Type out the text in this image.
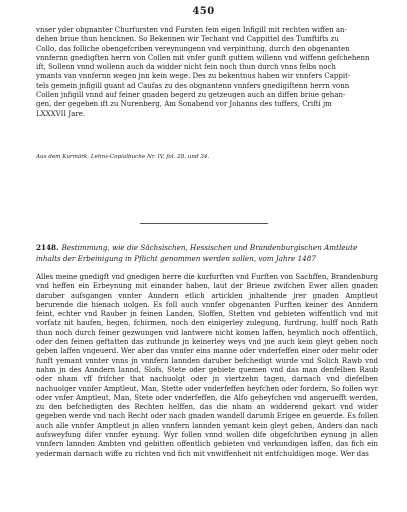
450

vnser yder obgnanter Churfursten vnd Fursten fein eigen Infigill mit rechten wiffen an-
dehen briue thun hencknen. So Bekennen wir Techant vnd Cappittel des Tumftifts zu
Collo, das folliche obengefcriben vereynungenn vnd verpinttung, durch den obgenanten
vnnfernn gnedigften herrn von Collen mit vnfer gunft guttem willenn vnd wiffenn gefchehenn
ift, Sollenn vnnd wollenn auch da widder nicht fein noch thun durch vnns felbs noch
ymants van vnnfernn wegen jnn kein wege. Des zu bekentnus haben wir vnnfers Cappit-
tels gemein jnfigill guant ad Caufas zu des obgnantenn vnnfers gnedigiftenn herrn vonn
Collen jnfigill vnnd auf feiner gnaden begerd zu getzeugen auch an diffen briue gehan-
gen, der gegeben ift zu Nurenberg, Am Sonabend vor Johanns des tuffers, Crifti jm
LXXXVII Jare.

Aus dem Kurmärk. Lehns-Copialbuche Nr. IV, fol. 28. und 34.

2148. Bestimmung, wie die Sächsischen, Hessischen und Brandenburgischen Amtleute inhalts der Erbeinigung in Pflicht genommen werden sollen, vom Jahre 1487

Alles meine gnedigft vnd gnedigen herre die kurfurften vnd Furften von Sachffen, Brandenburg vnd heffen ein Erbeynung mit einander haben, laut der Brieue zwifchen Ewer allen gnaden daruber aufsgangen vnnter Anndern etlich articklen jnhaltende jrer gnaden Amptleut berurende die hienach uolgen. Es foll auch vnnfer obgenanten Furften keiner des Anndern feint, echter vnd Rauber jn feinen Landen, Sloffen, Stetten vnd gebieten wiffentlich vnd mit vorfatz nit haufen, hegen, fchirmen, noch den einigerley zulegung, furdrung, hulff noch Rath thun noch durch feiner gezwungen vnd lantwere nicht komen laffen, heymlich noch offentlich, oder den feinen geftatten das zuthunde jn keinerley weys vnd jne auch kein gleyt geben noch geben laffen vngeuerd. Wer aber das vnnfer eins manne oder vnderfeffen einer oder mehr oder funft yemant vnnter vnns jn vnnfern lannden daruber befchedigt wurde vnd Solich Rawb vnd nahm jn des Anndern lannd, Slofs, Stete oder gebiete quemen vnd das man denfelben Raub oder nham vff frifcher that nachuolgt oder jn viertzehn tagen, darnach vnd diefelben nachuolger vnnfer Amptleut, Man, Stette oder vnderfeffen heyfchen oder fordern, So follen wyr oder vnfer Amptleut, Man, Stete oder vnderfeffen, die Alfo geheyfchen vnd angeruefft werden, zu den befchedigten des Rechten helffen, das die nham an widderend gekart vnd wider gegeben werde vnd nach Recht oder nach gnaden wandell darumb Erigee en geuerde. Es follen auch alle vnnfer Amptleut jn allen vnnfern lannden yemant kein gleyt geben, Anders dan nach aufsweyfung difer vnnfer eynung. Wyr follen vnnd wollen dife obgefchriben eynung jn allen vnnfern lannden Ambten vnd gebitten offentlich gebieten vnd verkundigen laffen, das fich ein yederman darnach wiffe zu richten vnd fich mit vnwiffenheit nit entfchuldigen moge. Wer das
